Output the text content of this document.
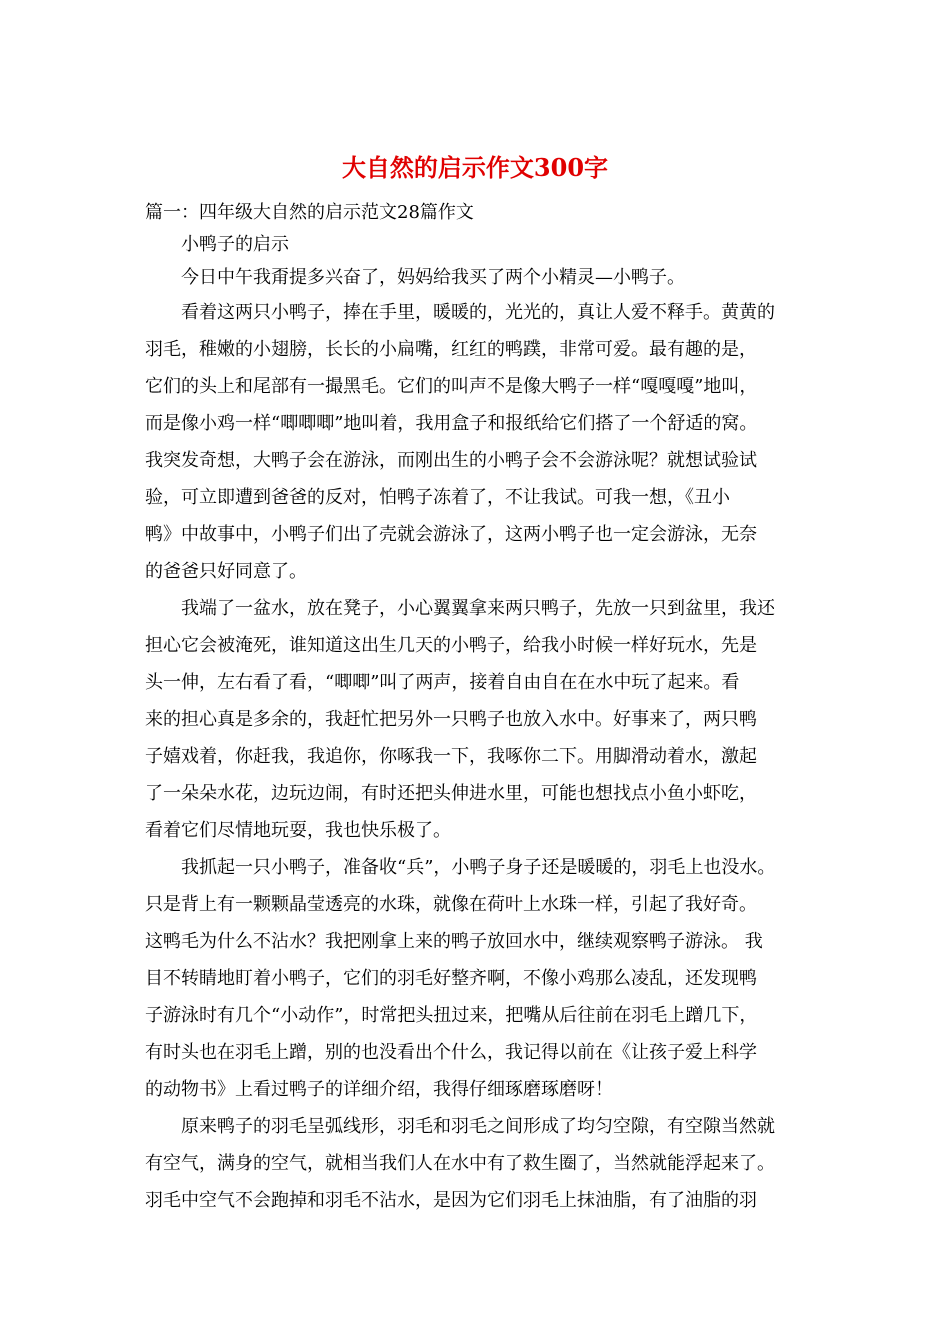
大自然的启示作文300字
篇一：四年级大自然的启示范文28篇作文
　　小鸭子的启示
　　今日中午我甭提多兴奋了，妈妈给我买了两个小精灵—小鸭子。
　　看着这两只小鸭子，捧在手里，暖暖的，光光的，真让人爱不释手。黄黄的
羽毛，稚嫩的小翅膀，长长的小扁嘴，红红的鸭蹼，非常可爱。最有趣的是，
它们的头上和尾部有一撮黑毛。它们的叫声不是像大鸭子一样“嘎嘎嘎”地叫，
而是像小鸡一样“唧唧唧”地叫着，我用盒子和报纸给它们搭了一个舒适的窝。
我突发奇想，大鸭子会在游泳，而刚出生的小鸭子会不会游泳呢？就想试验试
验，可立即遭到爸爸的反对，怕鸭子冻着了，不让我试。可我一想，《丑小
鸭》中故事中，小鸭子们出了壳就会游泳了，这两小鸭子也一定会游泳，无奈
的爸爸只好同意了。
　　我端了一盆水，放在凳子，小心翼翼拿来两只鸭子，先放一只到盆里，我还
担心它会被淹死，谁知道这出生几天的小鸭子，给我小时候一样好玩水，先是
头一伸，左右看了看，“唧唧”叫了两声，接着自由自在在水中玩了起来。看
来的担心真是多余的，我赶忙把另外一只鸭子也放入水中。好事来了，两只鸭
子嬉戏着，你赶我，我追你，你啄我一下，我啄你二下。用脚滑动着水，激起
了一朵朵水花，边玩边闹，有时还把头伸进水里，可能也想找点小鱼小虾吃，
看着它们尽情地玩耍，我也快乐极了。
　　我抓起一只小鸭子，准备收“兵”，小鸭子身子还是暖暖的，羽毛上也没水。
只是背上有一颗颗晶莹透亮的水珠，就像在荷叶上水珠一样，引起了我好奇。
这鸭毛为什么不沾水？我把刚拿上来的鸭子放回水中，继续观察鸭子游泳。 我
目不转睛地盯着小鸭子，它们的羽毛好整齐啊，不像小鸡那么凌乱，还发现鸭
子游泳时有几个“小动作”，时常把头扭过来，把嘴从后往前在羽毛上蹭几下，
有时头也在羽毛上蹭，别的也没看出个什么，我记得以前在《让孩子爱上科学
的动物书》上看过鸭子的详细介绍，我得仔细琢磨琢磨呀！
　　原来鸭子的羽毛呈弧线形，羽毛和羽毛之间形成了均匀空隙，有空隙当然就
有空气，满身的空气，就相当我们人在水中有了救生圈了，当然就能浮起来了。
羽毛中空气不会跑掉和羽毛不沾水，是因为它们羽毛上抹油脂，有了油脂的羽
